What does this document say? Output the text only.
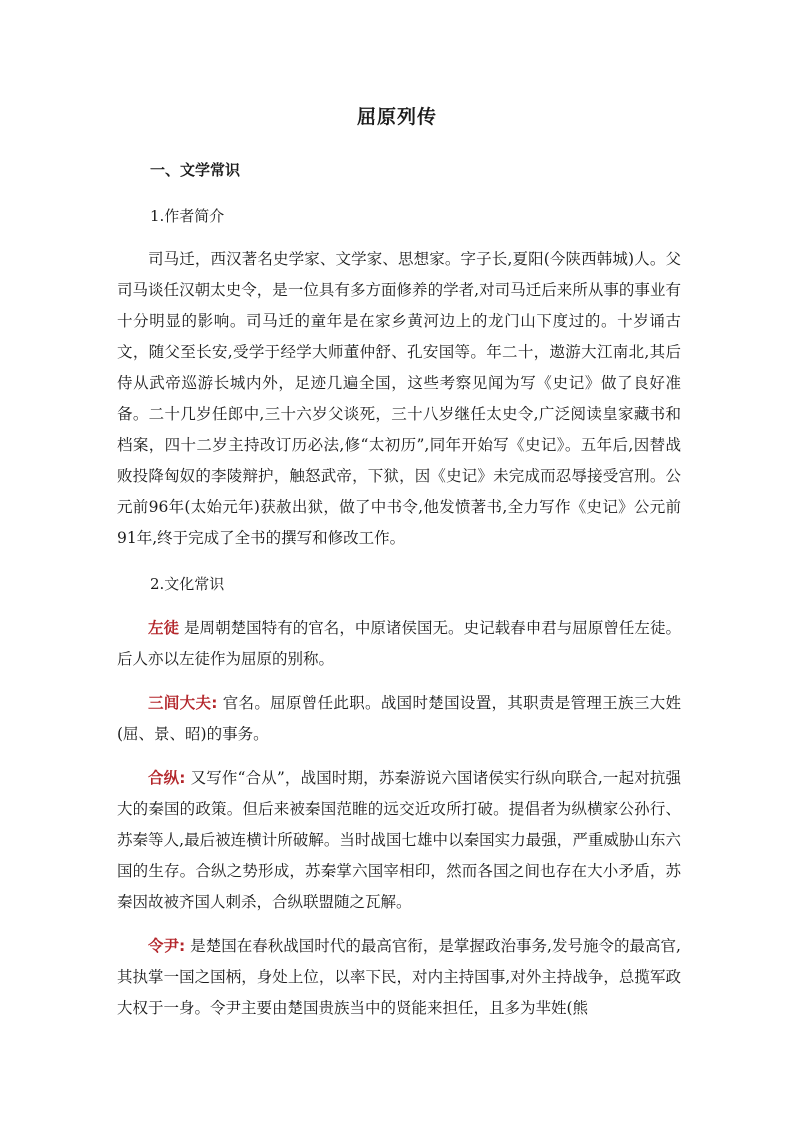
屈原列传
一、文学常识
1.作者简介

司马迁，西汉著名史学家、文学家、思想家。字子长,夏阳(今陕西韩城)人。父司马谈任汉朝太史令，是一位具有多方面修养的学者,对司马迁后来所从事的事业有十分明显的影响。司马迁的童年是在家乡黄河边上的龙门山下度过的。十岁诵古文，随父至长安,受学于经学大师董仲舒、孔安国等。年二十，遨游大江南北,其后侍从武帝巡游长城内外，足迹几遍全国，这些考察见闻为写《史记》做了良好准备。二十几岁任郎中,三十六岁父谈死，三十八岁继任太史令,广泛阅读皇家藏书和档案，四十二岁主持改订历必法,修“太初历”,同年开始写《史记》。五年后,因替战败投降匈奴的李陵辩护，触怒武帝，下狱，因《史记》未完成而忍辱接受宫刑。公元前96年(太始元年)获赦出狱，做了中书令,他发愤著书,全力写作《史记》公元前91年,终于完成了全书的撰写和修改工作。

2.文化常识

左徒 是周朝楚国特有的官名，中原诸侯国无。史记载春申君与屈原曾任左徒。后人亦以左徒作为屈原的别称。

三闾大夫: 官名。屈原曾任此职。战国时楚国设置，其职责是管理王族三大姓(屈、景、昭)的事务。

合纵: 又写作“合从”，战国时期，苏秦游说六国诸侯实行纵向联合,一起对抗强大的秦国的政策。但后来被秦国范睢的远交近攻所打破。提倡者为纵横家公孙行、苏秦等人,最后被连横计所破解。当时战国七雄中以秦国实力最强，严重威胁山东六国的生存。合纵之势形成，苏秦掌六国宰相印，然而各国之间也存在大小矛盾，苏秦因故被齐国人刺杀，合纵联盟随之瓦解。

令尹: 是楚国在春秋战国时代的最高官衔，是掌握政治事务,发号施令的最高官,其执掌一国之国柄，身处上位，以率下民，对内主持国事,对外主持战争，总揽军政大权于一身。令尹主要由楚国贵族当中的贤能来担任，且多为芈姓(熊
